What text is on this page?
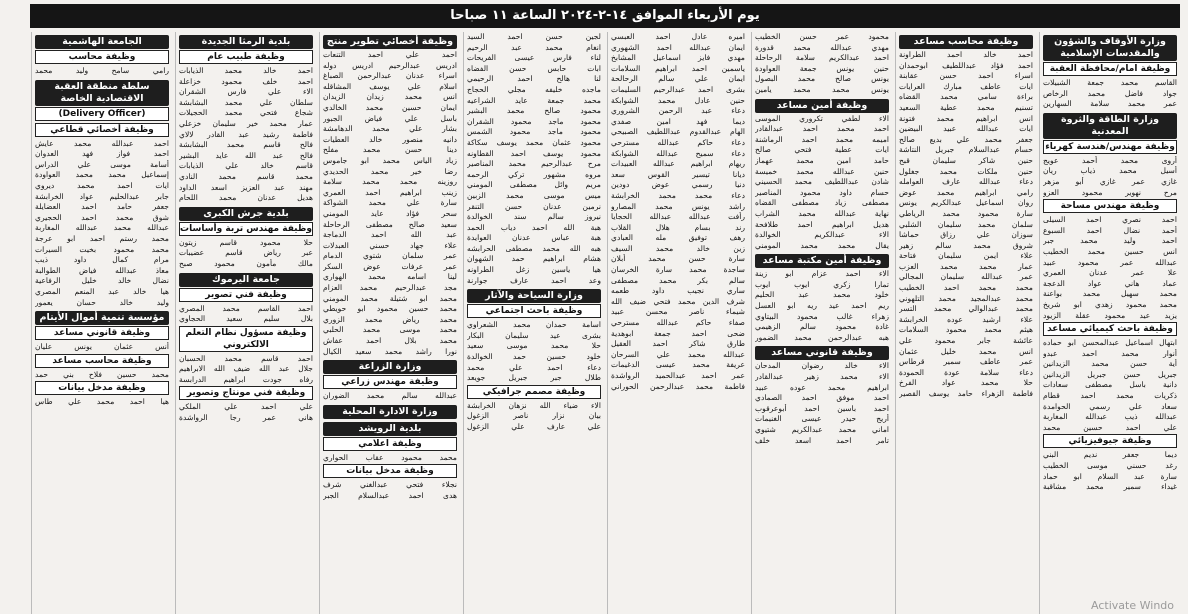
يوم الأربعاء الموافق ١٤-٢-٢٠٢٤ الساعة ١١ صباحا
وزارة الأوقاف والشؤون والمقدسات الإسلامية
وظيفة امام/محافظة العقبة
القاسم محمد جمعة الشبيلات
جواد فاضل محمد الرخاص
عمر محمد سلامة السهارين
وزارة الطاقة والثروة المعدنية
وظيفة مهندس/هندسة كهرباء
أروى محمد أحمد عويج
أسيل محمد ذياب ريان
غازي عمر غازي أبو مزهر
مرح نهوير محمود العزو
وظيفة مهندس مساحة
احمد نصري احمد السيلى
أحمد نضال احمد السبوع
احمد وليد محمد جبر
انس حسين محمد الخطيب
عبدالله عمر محمود عبيد
علا عمر عدنان العمري
عماد هاني عواد الدعجة
محمد سهيل محمد بواعنة
محمد محمود زهدي ابو شريخ
يزيد عيد محمود عقلة الزيود
وظيفة باحث كيميائي مساعد
ابتهال اسماعيل عبدالمحسن ابو حماده
أنوار محمد احمد عبدو
أية حسن محمد الزيدانين
جبريل حسن جبريل الزيدانين
دانية باسل مصطفى سعادات
ذكريات محمد احمد قطام
سعاد علي رسمي الحوامدة
عبدالله ذيب عبدالله المغاربة
علي احمد حسين محمد
وظيفة جيوفيزيائي
ديما جعفر نديم البني
رغد حسني موسى الخطيب
سارة عبد السلام ابو حماد
غيداء سمير محمد مشاقبة
وظيفة محاسب مساعد
احمد خالد احمد الطراونة
احمد فؤاد عبداللطيف ابوحمدان
اسراء احمد حسن عقابنة
ايات عاطف مبارك العرايات
براءة سامي محمد القضاه
تسنيم محمد عطية السعيد
انس ابراهيم محمد فتونة
ايات عبدالله عبيد البيضين
جعفر محمد علي بديع صالح
حسام عبدالسلام جبريل النتاشة
حنين شاكر سليمان قبح
حنين ملكات محمد جغلول
دعاء عبدالله عارف العوامله
رامي ابراهيم محمد عوض
روان اسماعيل عبدالكريم يونس
سارة محمود محمد الرياطي
سلمان محمد سليمان الشلبي
سوزان علي رزاق حماشا
شروق محمد سالم زهير
علاء ايمن سليمان فتاحة
عمار محمد محمد العزب
عمر عبدالله سليمان المجالي
محمد محمد احمد الخطيب
محمد عبدالمجيد محمد التلهوني
محمد عبدالوالي محمد التسر
علاء ارشيد عوده الخرابشة
هيثم محمد محمود السلامات
عائشة جابر محمود علي
انس محمد خليل عثمان
عمر عاطف سمير قرطاس
دعاء سلامة عودة الحمودة
حلا محمد عواد الفرخ
فاطمة الزهراء حامد يوسف القصير
محمود عمر حسن الخطيب
مهدي عبدالله محمد قدورة
احمد عبدالكريم سلامة الرحاحلة
حنين يونس جمعة العواودة
يونس صالح محمد البصول
يونس محمد محمد يامين
وظيفة أمين مساعد
الاء لطفي تكروري الموسى
احمد محمد احمد عبدالقادر
اميمه محمد احمد الرماشنة
ايات عطية فتحي صالح
حامد امين محمد عهماز
حنين عبدالله محمد خميسة
شادن عبداللطيف محمد الحسيني
حسام داود محمود المناصير
مصطفى زياد مصطفى القضاه
نهاية عبدالله محمد الشراب
هديل ابراهيم احمد طلافحة
الاء عبدالكريم الخوالدة
يقال محمد محمد المومني
وظيفة أمين مكتبة مساعد
الاء احمد عزام ابو زينة
تمارا زكري ايوب ايوب
خلود محمد عبد الحليم
ريم احمد عيد ريه ابو العسل
زهراء غالب محمود البيتاوي
غادة محمود سالم الزهيمي
هبه عبدالرحمن محمد الضمور
وظيفة قانوني مساعد
الاء خالد رضوان المدحان
الاء محمد زهير عبدالقادر
ابراهيم محمد عوده عبيد
احمد موفق احمد الصمادي
احمد باسين احمد أبوعرقوب
أريج حيدر عيسى الغنيمات
اماني محمد عبدالكريم شتيوي
تامر احمد اسعد خلف
اميره عادل احمد العبسي
ايمان عبدالله احمد الشهوري
مهدي فايز اسماعيل المشابخ
ياسمين احمد ابراهيم السلامات
ايمان علي سالم الرحالحة
بشرى احمد عبدالرحيم السليمات
حنين عادل محمد الشوابكة
دعاء عبد الرحمن الشروري
ديما فهد امين صفدي
الهام عبدالقدوم عبداللطيف الصبيحي
دعاء حاكم عبدالله مسترحي
دعاء سميح عبدالله الشوابكة
ريهام ابراهيم عبدالله العبيدات
ديانا تيسير القوس سعد
دنيا رسمي عوض دودين
دعاء محمد محمد الخرابشة
راشد يونس محمد المصارو
رأفت عبدالله عبدالله الحجايا
رند بسام هلال القلاب
رهف توفيق مله العبادي
زين خالد محمد السيف
سارة حسن محمد أبلان
ساجدة محمد سارة الخرسان
سالم بكر محمد مصطفى
ساري نجيب داود طعمه
شرف الدين محمد فتحي ضيف الله
شيماء ناصر محسن عبيد
صفاء حاكم عبدالله مسترحي
ضحى احمد جمعة ابوهدية
طارق شاكر احمد العقيل
عبدالله محمد علي السرحان
عريفة محمد عيسى الدغيمات
عمر احمد عبدالحميد الرواشدة
فاطمة محمد عبدالرحمن الحوراني
لجين حسن احمد السيد
انغام محمد عبد الرحيم
لناء فارس عيسى الفريحات
ابات حابس حسن الفضاه
لنا هالح احمد الرحيمي
ماجده خليفه مجلي الحجاج
محمد جمعة عايد الشراعيه
محمود صالح محمد البشير
محمود ماجد محمود الشقران
محمود ماجد محمود الشمس
محمود عثمان محمد يوسف سكاكة
محمود يوسف احمد القطاونه
مرح عبدالرحيم محمد المناصير
مروه مشهور تركي الرحمه
مريم وائل مصطفى المومني
ميس موسى محمد الزبين
نرمين عدنان حسن التنقر
نيروز سالم سند الخوالدة
هبة الله احمد دياب الحمد
هبة عباس عدنان العوايدة
هبه الله محمد مصطفى الحرابشه
هشام ابراهيم حمد الشهوان
هيا ياسين زغل الطراونه
وعد احمد عارف جوارنة
وزارة السياحة والآثار
وظيفة باحث اجتماعي
اسامة حمدان محمد الشعراوي
بشرى عيد سليمان البكار
حلا محمد موسى سعيد
خلود حسين حمد الخوالدة
دعاء احمد علي محمد
طلال جبر جبريل جويعد
وظيفة مصمم جرافيكي
الاء ضياء الله نزهان الخرابشة
بيان نزار ناصر الزغول
علي عارف علي الزغول
وظيفة أخصائي تطوير منتج
احمد علي احمد التنعات
ادريس عبدالرحيم ادريس دوله
اسراء عدنان عبدالرحمن الصباغ
اسلام علي يوسف المشاقله
انس محمد زيدان الزيدان
ايمان حسين محمد الخالدي
باسل علي فياض الجبور
بشار علي محمد الدهامشة
دانيه منصور خالد العطيات
دينا حسن محمد مفلح
زياد الياس محمد ابو جاموس
رضا خير محمد الحديدي
روزينه محمد محمد سلامة
زينب ابراهيم احمد العمري
سارة علي محمد الشواكة
سحر فؤاد عايد المومني
سعيد صالح مصطفى الرحاحلة
عبد الله احمد الدماجة
علاء جهاد حسني العبدلات
عمر سلمان شتوي الدمام
عمر عرفات عوض السكر
لينا اسامه محمد الهواري
مجد عبدالرحيم محمد العزام
محمد ابو شتيلة محمد المومني
محمد حسين محمود ابو حويطي
محمد رياض محمد الزوري
محمد موسى محمد الحلبي
محمد بلال احمد عفاش
نورا راشد محمد سعيد الكيال
وزارة الزراعة
وظيفة مهندس زراعي
عبدالله سالم محمد الضوران
وزارة الادارة المحلية
بلدية الرويشد
وظيفة اعلامي
محمد محمود عقاب الحواري
وظيفة مدخل بيانات
نجلاء فتحي عبدالغني شرف
هدى احمد عبدالسلام الجبر
بلدية الرمثا الجديدة
وظيفة طبيب عام
احمد خالد محمد الذيابات
احمد خلف محمود خزاعلة
الاء علي فارس الشقران
سلطان علي محمد البشابشة
شجاع فتحي محمد الحجيلات
عمار محمد خير سليمان خزعلي
فاطمة رشيد عبد القادر لالاي
فالح قاسم محمد البشابشة
فالح عبد الله عايد البشير
قاسم خالد علي الذيابات
محمد قاسم محمد النادي
مهند عبد العزيز اسعد الداود
هديل عدنان محمد اللحام
بلدية جرش الكبرى
وظيفة مهندس تربة وأساسات
حلا محمود قاسم زيتون
عبر رياض قاسم عضيبات
مالك مأمون محمود صبح
جامعة اليرموك
وظيفة فني تصوير
احمد القاسم محمد المصري
بلال سليم سعيد الحجاوي
وظيفة مسؤول نظام التعلم الالكتروني
احمد قاسم محمد الحسبان
جلال عبد الله ضيف الله الابراهيم
رفاه جودت ابراهيم الدرابسة
وظيفة فني مونتاج وتصوير
علي احمد علي الملكي
هاني عمر رجا الرواشدة
الجامعة الهاشمية
وظيفة محاسب
رامي سامح وليد محمد
سلطة منطقة العقبة الاقتصادية الخاصة
(Delivery Officer)
وظيفة أخصائي قطاعي
احمد عبدالله محمد عايش
احمد فواز فهد العدوان
أسامة موسى علي الدراس
إسماعيل محمد محمد العواودة
ايات احمد محمد ديروي
جابر عبدالحليم عواد الخرابشة
جعفر حامد احمد العضايلة
شوق محمد احمد الحجيري
عبدالله محمد عبدالله المغاربة
محمد رستم احمد ابو عرجة
محمد محمود بخيت السيرات
مرام كمال داود ذيب
معاذ عبدالله فياض الطوالبة
نضال خالد خليل الرفاعية
هيا خالد عبد المنعم المصري
وليد خالد حسان يعمور
مؤسسة تنمية أموال الأيتام
وظيفة قانوني مساعد
أنس عثمان يونس عليان
وظيفة محاسب مساعد
محمد حسين فلاح بني حمد
وظيفة مدخل بيانات
هيا احمد محمد علي طاس
Activate Windo
